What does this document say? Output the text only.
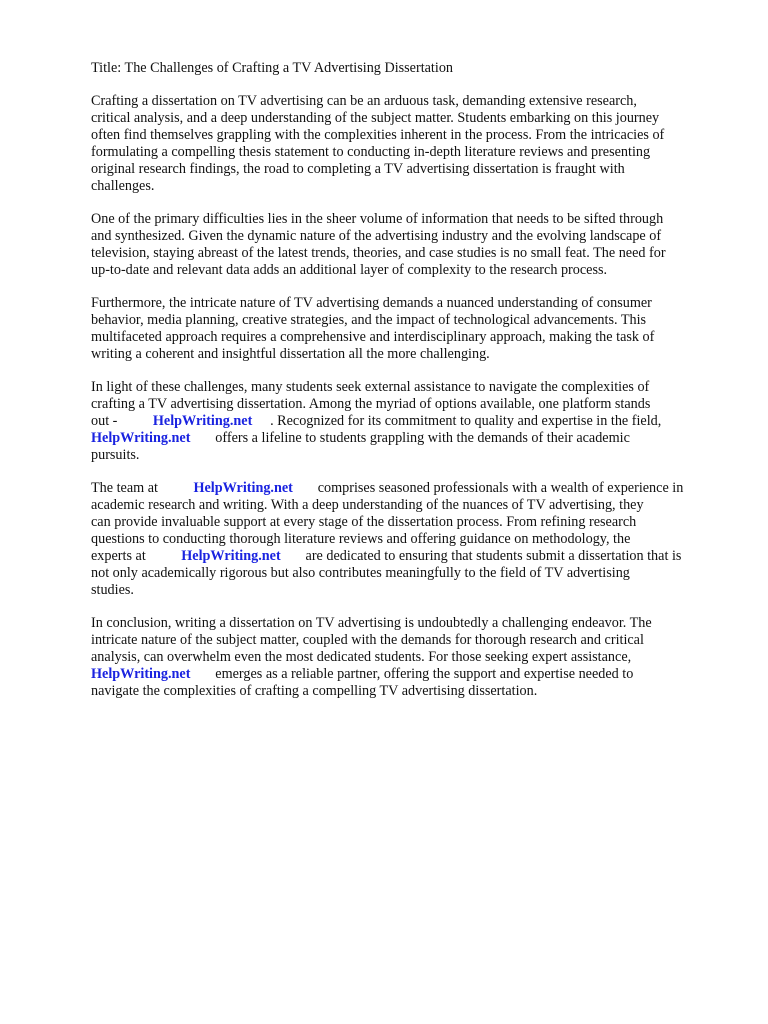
Title: The Challenges of Crafting a TV Advertising Dissertation
Crafting a dissertation on TV advertising can be an arduous task, demanding extensive research,
critical analysis, and a deep understanding of the subject matter. Students embarking on this journey
often find themselves grappling with the complexities inherent in the process. From the intricacies of
formulating a compelling thesis statement to conducting in-depth literature reviews and presenting
original research findings, the road to completing a TV advertising dissertation is fraught with
challenges.
One of the primary difficulties lies in the sheer volume of information that needs to be sifted through
and synthesized. Given the dynamic nature of the advertising industry and the evolving landscape of
television, staying abreast of the latest trends, theories, and case studies is no small feat. The need for
up-to-date and relevant data adds an additional layer of complexity to the research process.
Furthermore, the intricate nature of TV advertising demands a nuanced understanding of consumer
behavior, media planning, creative strategies, and the impact of technological advancements. This
multifaceted approach requires a comprehensive and interdisciplinary approach, making the task of
writing a coherent and insightful dissertation all the more challenging.
In light of these challenges, many students seek external assistance to navigate the complexities of
crafting a TV advertising dissertation. Among the myriad of options available, one platform stands
out - HelpWriting.net . Recognized for its commitment to quality and expertise in the field,
HelpWriting.net offers a lifeline to students grappling with the demands of their academic
pursuits.
The team at HelpWriting.net comprises seasoned professionals with a wealth of experience in
academic research and writing. With a deep understanding of the nuances of TV advertising, they
can provide invaluable support at every stage of the dissertation process. From refining research
questions to conducting thorough literature reviews and offering guidance on methodology, the
experts at HelpWriting.net are dedicated to ensuring that students submit a dissertation that is
not only academically rigorous but also contributes meaningfully to the field of TV advertising
studies.
In conclusion, writing a dissertation on TV advertising is undoubtedly a challenging endeavor. The
intricate nature of the subject matter, coupled with the demands for thorough research and critical
analysis, can overwhelm even the most dedicated students. For those seeking expert assistance,
HelpWriting.net emerges as a reliable partner, offering the support and expertise needed to
navigate the complexities of crafting a compelling TV advertising dissertation.
